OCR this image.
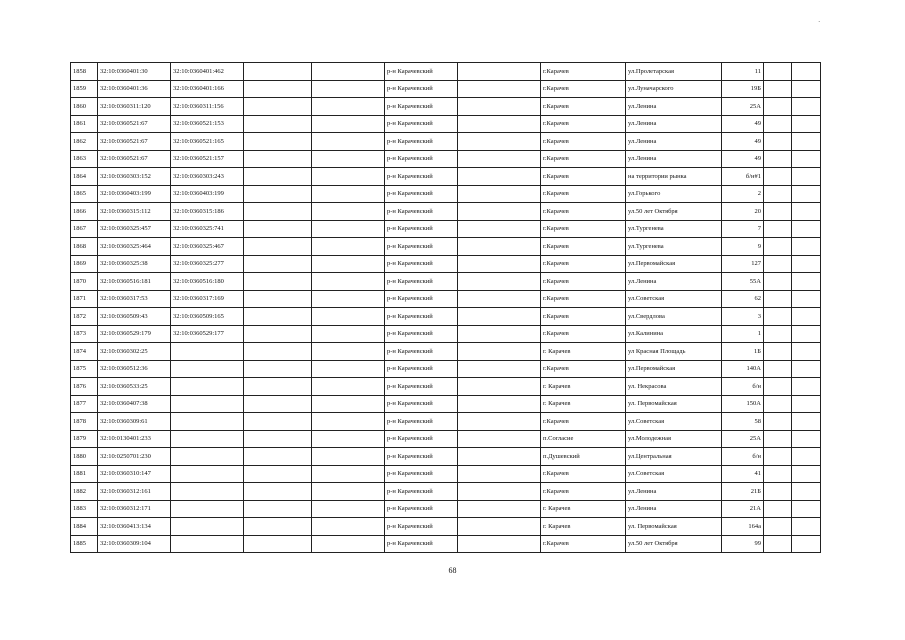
·
1858	32:10:0360401:30	32:10:0360401:462			р-н Карачевский		г.Карачев	ул.Пролетарская	11		
1859	32:10:0360401:36	32:10:0360401:166			р-н Карачевский		г.Карачев	ул.Луначарского	19Б		
1860	32:10:0360311:120	32:10:0360311:156			р-н Карачевский		г.Карачев	ул.Ленина	25А		
1861	32:10:0360521:67	32:10:0360521:153			р-н Карачевский		г.Карачев	ул.Ленина	49		
1862	32:10:0360521:67	32:10:0360521:165			р-н Карачевский		г.Карачев	ул.Ленина	49		
1863	32:10:0360521:67	32:10:0360521:157			р-н Карачевский		г.Карачев	ул.Ленина	49		
1864	32:10:0360303:152	32:10:0360303:243			р-н Карачевский		г.Карачев	на территории рынка	б/н#1		
1865	32:10:0360403:199	32:10:0360403:199			р-н Карачевский		г.Карачев	ул.Горького	2		
1866	32:10:0360315:112	32:10:0360315:186			р-н Карачевский		г.Карачев	ул.50 лет Октября	20		
1867	32:10:0360325:457	32:10:0360325:741			р-н Карачевский		г.Карачев	ул.Тургенева	7		
1868	32:10:0360325:464	32:10:0360325:467			р-н Карачевский		г.Карачев	ул.Тургенева	9		
1869	32:10:0360325:38	32:10:0360325:277			р-н Карачевский		г.Карачев	ул.Первомайская	127		
1870	32:10:0360516:181	32:10:0360516:180			р-н Карачевский		г.Карачев	ул.Ленина	55А		
1871	32:10:0360317:53	32:10:0360317:169			р-н Карачевский		г.Карачев	ул.Советская	62		
1872	32:10:0360509:43	32:10:0360509:165			р-н Карачевский		г.Карачев	ул.Свердлова	3		
1873	32:10:0360529:179	32:10:0360529:177			р-н Карачевский		г.Карачев	ул.Калинина	1		
1874	32:10:0360302:25				р-н Карачевский		г. Карачев	ул Красная Площадь	1Б		
1875	32:10:0360512:36				р-н Карачевский		г.Карачев	ул.Первомайская	140А		
1876	32:10:0360533:25				р-н Карачевский		г. Карачев	ул. Некрасова	б/н		
1877	32:10:0360407:38				р-н Карачевский		г. Карачев	ул. Первомайская	150А		
1878	32:10:0360309:61				р-н Карачевский		г.Карачев	ул.Советская	58		
1879	32:10:0130401:233				р-н Карачевский		п.Согласие	ул.Молодежная	25А		
1880	32:10:0250701:230				р-н Карачевский		п.Душевский	ул.Центральная	б/н		
1881	32:10:0360310:147				р-н Карачевский		г.Карачев	ул.Советская	41		
1882	32:10:0360312:161				р-н Карачевский		г.Карачев	ул.Ленина	21Б		
1883	32:10:0360312:171				р-н Карачевский		г. Карачев	ул.Ленина	21А		
1884	32:10:0360413:134				р-н Карачевский		г. Карачев	ул. Первомайская	164а		
1885	32:10:0360309:104				р-н Карачевский		г.Карачев	ул.50 лет Октября	99		
68
